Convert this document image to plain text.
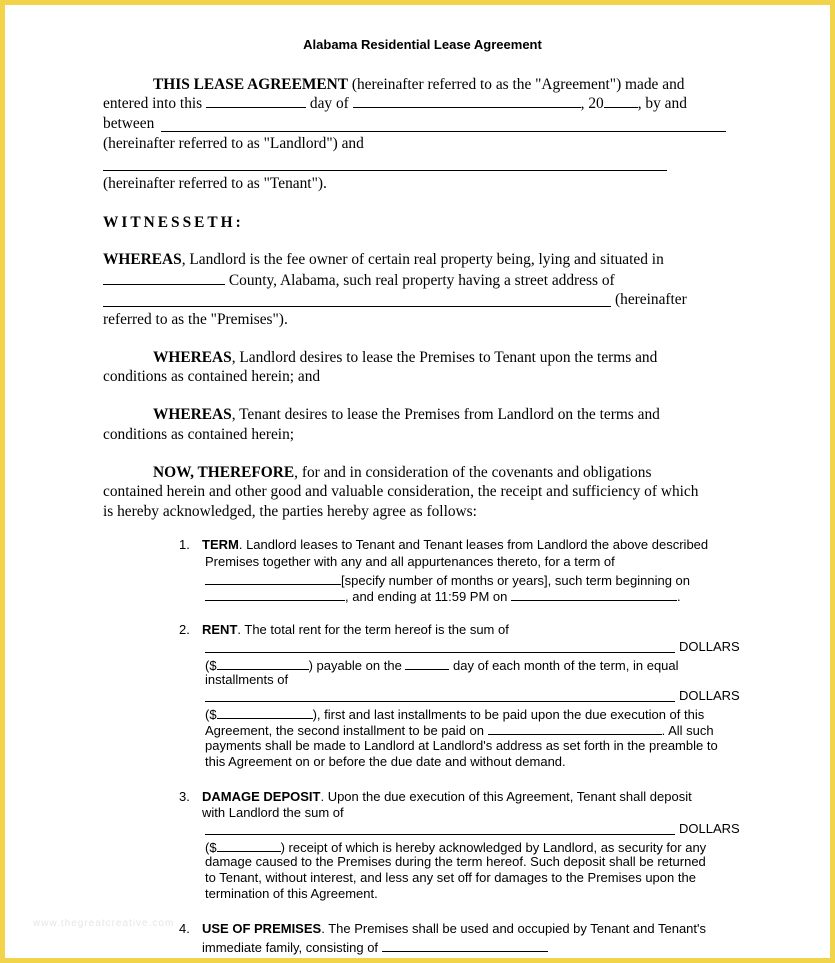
Alabama Residential Lease Agreement
THIS LEASE AGREEMENT (hereinafter referred to as the "Agreement") made and
entered into this	day of	, 20 , by and
between
(hereinafter referred to as "Landlord") and
(hereinafter referred to as "Tenant").
WITNESSETH:
WHEREAS, Landlord is the fee owner of certain real property being, lying and situated in
County, Alabama, such real property having a street address of
(hereinafter
referred to as the "Premises").
WHEREAS, Landlord desires to lease the Premises to Tenant upon the terms and
conditions as contained herein; and
WHEREAS, Tenant desires to lease the Premises from Landlord on the terms and
conditions as contained herein;
NOW, THEREFORE, for and in consideration of the covenants and obligations
contained herein and other good and valuable consideration, the receipt and sufficiency of which
is hereby acknowledged, the parties hereby agree as follows:
1. TERM. Landlord leases to Tenant and Tenant leases from Landlord the above described
Premises together with any and all appurtenances thereto, for a term of
[specify number of months or years], such term beginning on
, and ending at 11:59 PM on	.
2. RENT. The total rent for the term hereof is the sum of
DOLLARS
($	) payable on the	day of each month of the term, in equal
installments of
DOLLARS
($	), first and last installments to be paid upon the due execution of this
Agreement, the second installment to be paid on	. All such
payments shall be made to Landlord at Landlord's address as set forth in the preamble to
this Agreement on or before the due date and without demand.
3. DAMAGE DEPOSIT. Upon the due execution of this Agreement, Tenant shall deposit
with Landlord the sum of
DOLLARS
($	) receipt of which is hereby acknowledged by Landlord, as security for any
damage caused to the Premises during the term hereof. Such deposit shall be returned
to Tenant, without interest, and less any set off for damages to the Premises upon the
termination of this Agreement.
4. USE OF PREMISES. The Premises shall be used and occupied by Tenant and Tenant's
immediate family, consisting of
www.thegreatcreative.com
